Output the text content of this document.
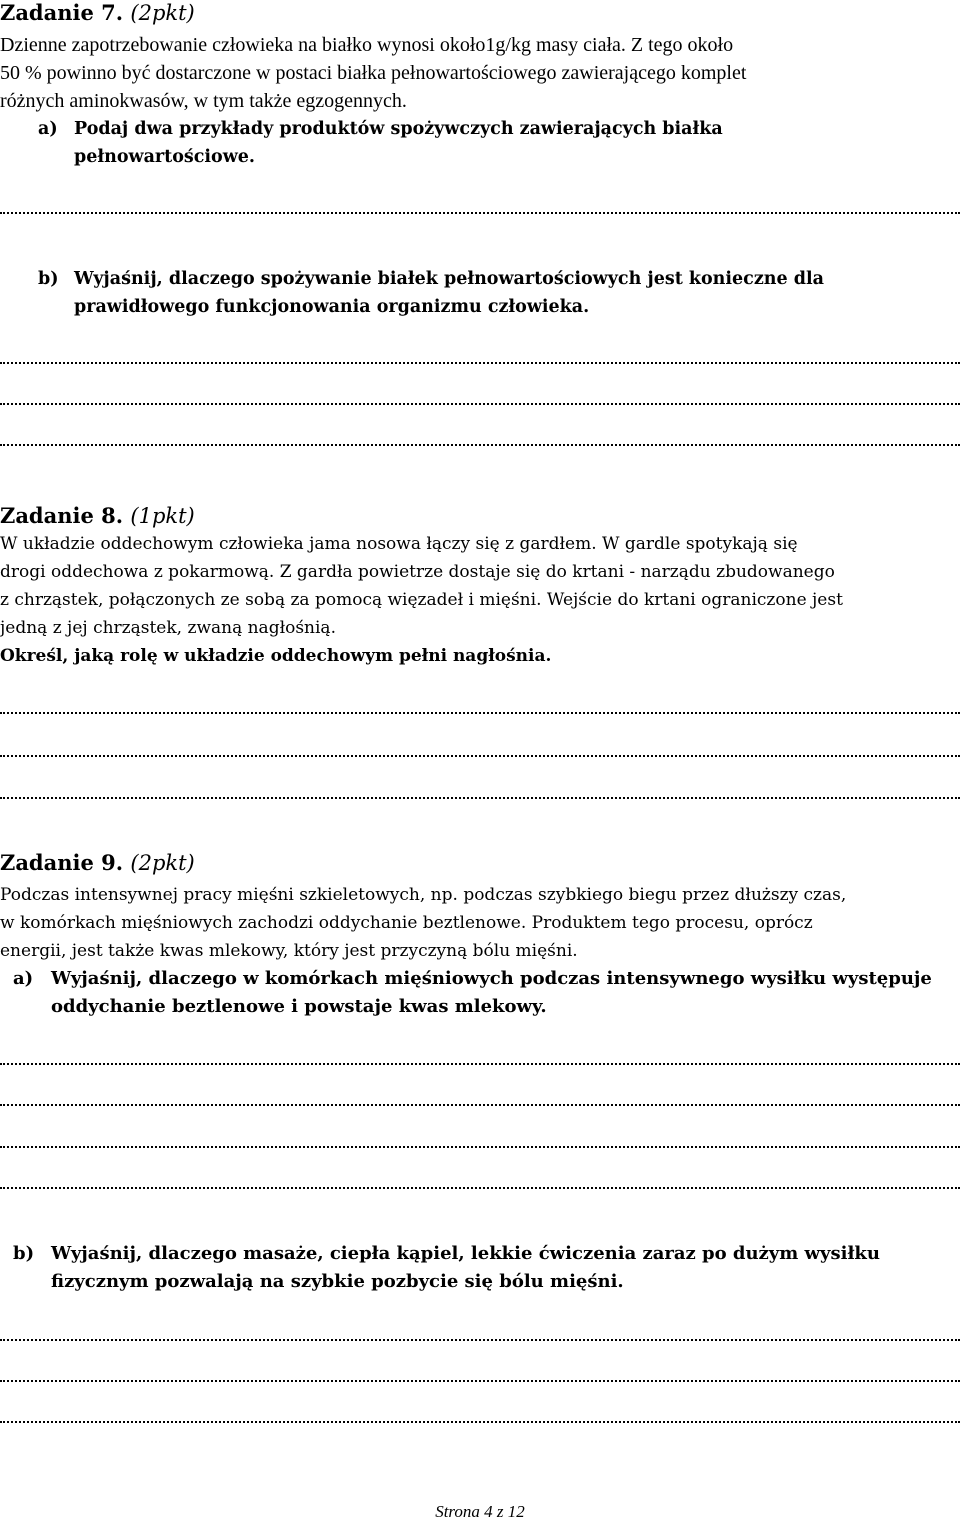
Zadanie 7. (2pkt)
Dzienne zapotrzebowanie człowieka na białko wynosi około1g/kg masy ciała. Z tego około
50 % powinno być dostarczone w postaci białka pełnowartościowego zawierającego komplet
różnych aminokwasów, w tym także egzogennych.
a) Podaj dwa przykłady produktów spożywczych zawierających białka
pełnowartościowe.
b) Wyjaśnij, dlaczego spożywanie białek pełnowartościowych jest konieczne dla
prawidłowego funkcjonowania organizmu człowieka.
Zadanie 8. (1pkt)
W układzie oddechowym człowieka jama nosowa łączy się z gardłem. W gardle spotykają się
drogi oddechowa z pokarmową. Z gardła powietrze dostaje się do krtani - narządu zbudowanego
z chrząstek, połączonych ze sobą za pomocą więzadeł i mięśni. Wejście do krtani ograniczone jest
jedną z jej chrząstek, zwaną nagłośnią.
Określ, jaką rolę w układzie oddechowym pełni nagłośnia.
Zadanie 9. (2pkt)
Podczas intensywnej pracy mięśni szkieletowych, np. podczas szybkiego biegu przez dłuższy czas,
w komórkach mięśniowych zachodzi oddychanie beztlenowe. Produktem tego procesu, oprócz
energii, jest także kwas mlekowy, który jest przyczyną bólu mięśni.
a) Wyjaśnij, dlaczego w komórkach mięśniowych podczas intensywnego wysiłku występuje
oddychanie beztlenowe i powstaje kwas mlekowy.
b) Wyjaśnij, dlaczego masaże, ciepła kąpiel, lekkie ćwiczenia zaraz po dużym wysiłku
fizycznym pozwalają na szybkie pozbycie się bólu mięśni.
Strona 4 z 12
